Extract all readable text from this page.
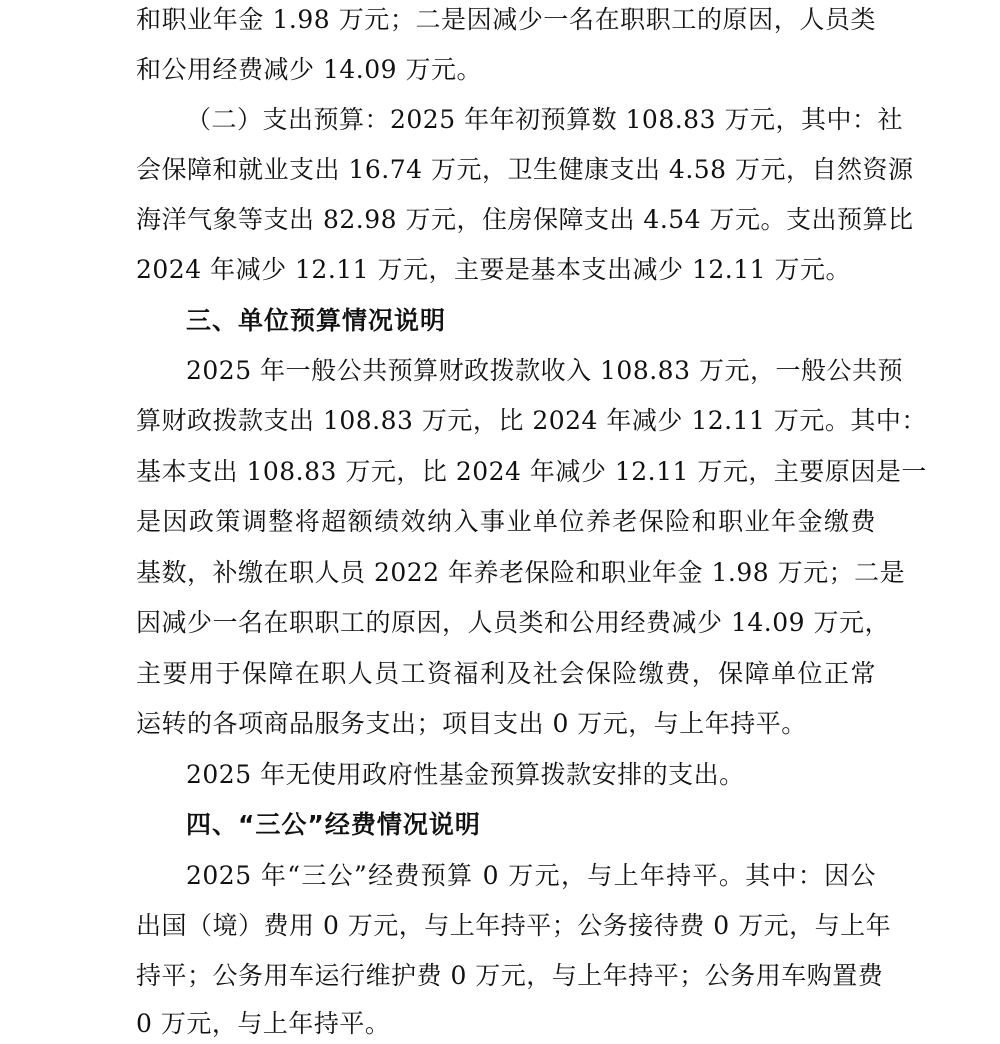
和职业年金 1.98 万元；二是因减少一名在职职工的原因，人员类
和公用经费减少 14.09 万元。
（二）支出预算：2025 年年初预算数 108.83 万元，其中：社
会保障和就业支出 16.74 万元，卫生健康支出 4.58 万元，自然资源
海洋气象等支出 82.98 万元，住房保障支出 4.54 万元。支出预算比
2024 年减少 12.11 万元，主要是基本支出减少 12.11 万元。
三、单位预算情况说明
2025 年一般公共预算财政拨款收入 108.83 万元，一般公共预
算财政拨款支出 108.83 万元，比 2024 年减少 12.11 万元。其中：
基本支出 108.83 万元，比 2024 年减少 12.11 万元，主要原因是一
是因政策调整将超额绩效纳入事业单位养老保险和职业年金缴费
基数，补缴在职人员 2022 年养老保险和职业年金 1.98 万元；二是
因减少一名在职职工的原因，人员类和公用经费减少 14.09 万元，
主要用于保障在职人员工资福利及社会保险缴费，保障单位正常
运转的各项商品服务支出；项目支出 0 万元，与上年持平。
2025 年无使用政府性基金预算拨款安排的支出。
四、“三公”经费情况说明
2025 年“三公”经费预算 0 万元，与上年持平。其中：因公
出国（境）费用 0 万元，与上年持平；公务接待费 0 万元，与上年
持平；公务用车运行维护费 0 万元，与上年持平；公务用车购置费
0 万元，与上年持平。
